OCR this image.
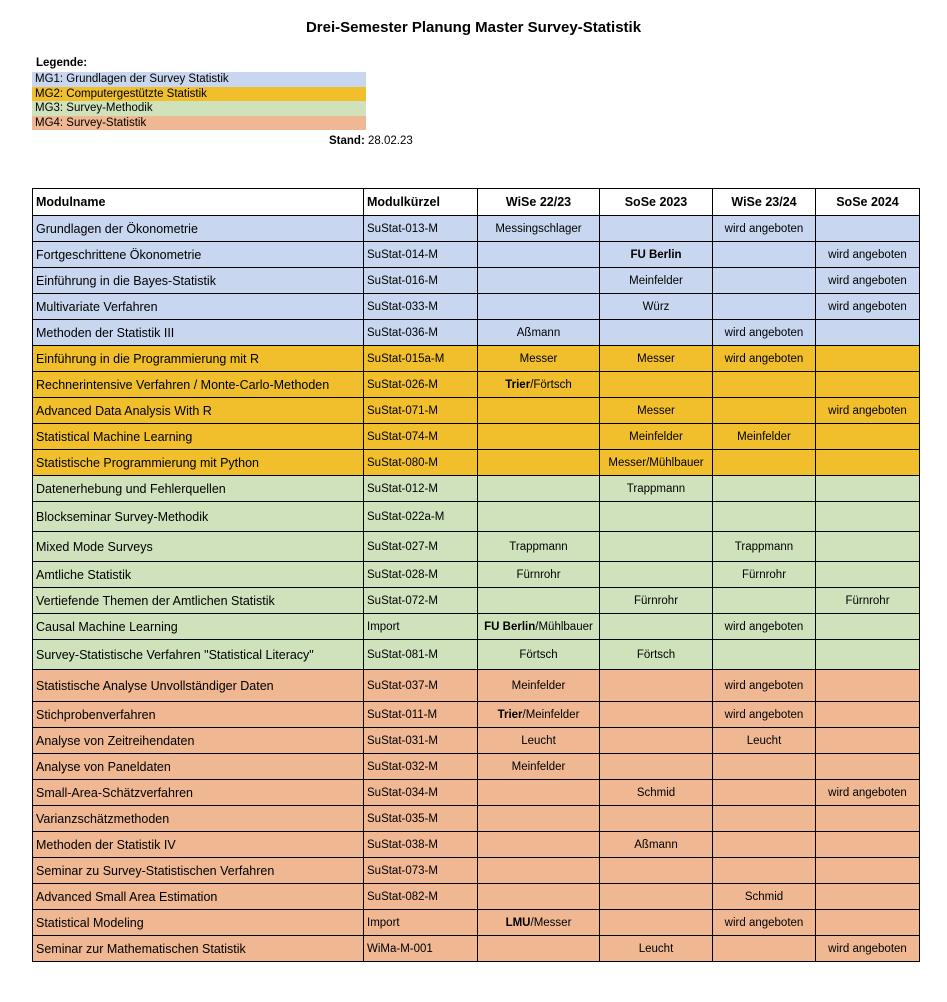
Drei-Semester Planung Master Survey-Statistik
Legende:
MG1: Grundlagen der Survey Statistik
MG2: Computergestützte Statistik
MG3: Survey-Methodik
MG4: Survey-Statistik
Stand: 28.02.23
Modulname	Modulkürzel	WiSe 22/23	SoSe 2023	WiSe 23/24	SoSe 2024
Grundlagen der Ökonometrie	SuStat-013-M	Messingschlager		wird angeboten	
Fortgeschrittene Ökonometrie	SuStat-014-M		FU Berlin		wird angeboten
Einführung in die Bayes-Statistik	SuStat-016-M		Meinfelder		wird angeboten
Multivariate Verfahren	SuStat-033-M		Würz		wird angeboten
Methoden der Statistik III	SuStat-036-M	Aßmann		wird angeboten	
Einführung in die Programmierung mit R	SuStat-015a-M	Messer	Messer	wird angeboten	
Rechnerintensive Verfahren / Monte-Carlo-Methoden	SuStat-026-M	Trier/Förtsch			
Advanced Data Analysis With R	SuStat-071-M		Messer		wird angeboten
Statistical Machine Learning	SuStat-074-M		Meinfelder	Meinfelder	
Statistische Programmierung mit Python	SuStat-080-M		Messer/Mühlbauer		
Datenerhebung und Fehlerquellen	SuStat-012-M		Trappmann		
Blockseminar Survey-Methodik	SuStat-022a-M				
Mixed Mode Surveys	SuStat-027-M	Trappmann		Trappmann	
Amtliche Statistik	SuStat-028-M	Fürnrohr		Fürnrohr	
Vertiefende Themen der Amtlichen Statistik	SuStat-072-M		Fürnrohr		Fürnrohr
Causal Machine Learning	Import	FU Berlin/Mühlbauer		wird angeboten	
Survey-Statistische Verfahren "Statistical Literacy"	SuStat-081-M	Förtsch	Förtsch		
Statistische Analyse Unvollständiger Daten	SuStat-037-M	Meinfelder		wird angeboten	
Stichprobenverfahren	SuStat-011-M	Trier/Meinfelder		wird angeboten	
Analyse von Zeitreihendaten	SuStat-031-M	Leucht		Leucht	
Analyse von Paneldaten	SuStat-032-M	Meinfelder			
Small-Area-Schätzverfahren	SuStat-034-M		Schmid		wird angeboten
Varianzschätzmethoden	SuStat-035-M				
Methoden der Statistik IV	SuStat-038-M		Aßmann		
Seminar zu Survey-Statistischen Verfahren	SuStat-073-M				
Advanced Small Area Estimation	SuStat-082-M			Schmid	
Statistical Modeling	Import	LMU/Messer		wird angeboten	
Seminar zur Mathematischen Statistik	WiMa-M-001		Leucht		wird angeboten
